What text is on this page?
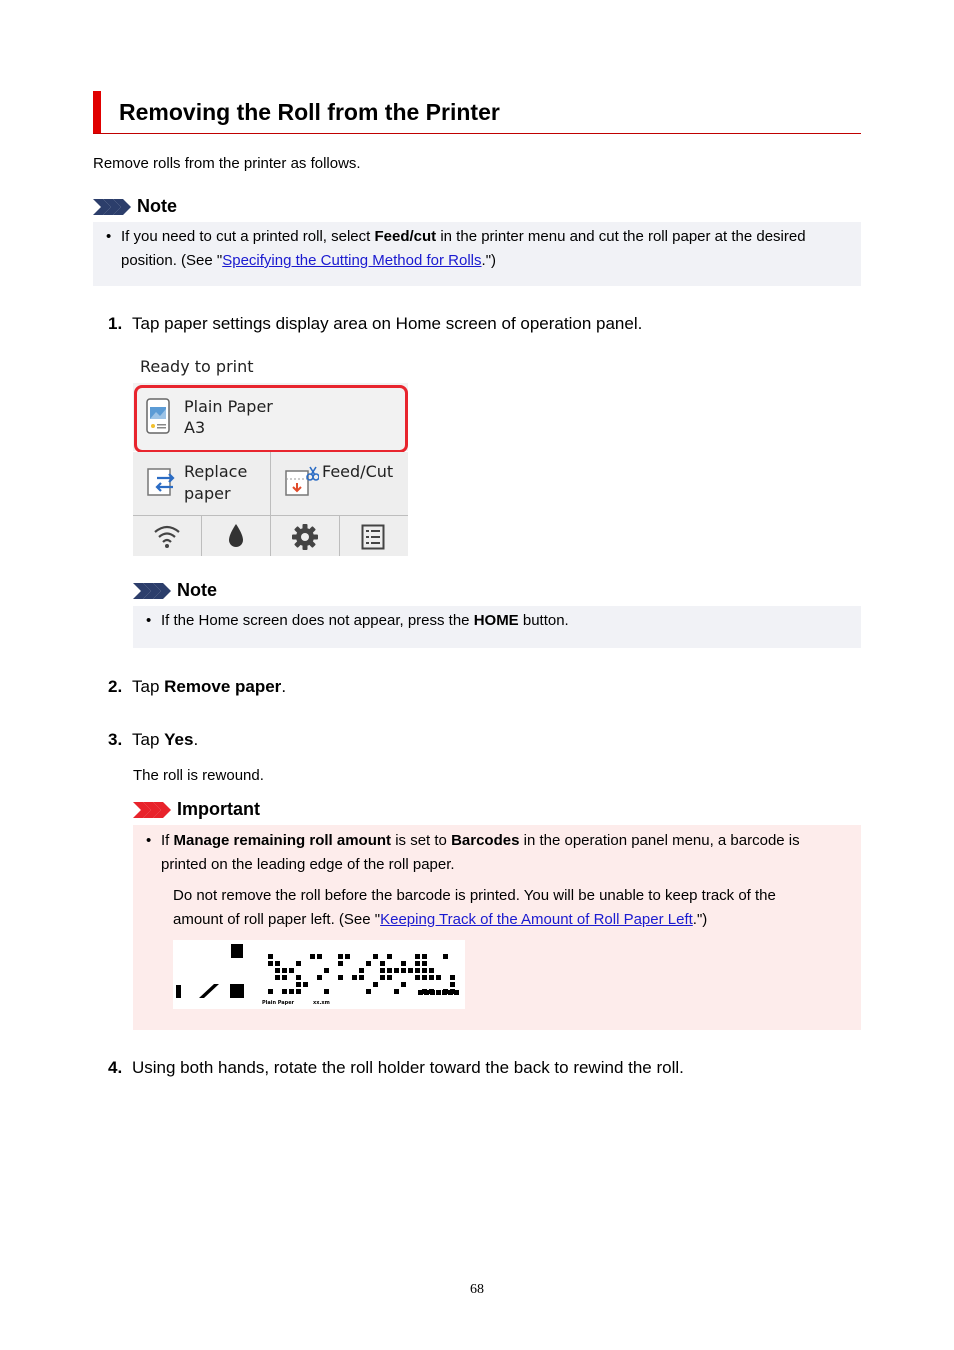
Removing the Roll from the Printer
Remove rolls from the printer as follows.
Note
• If you need to cut a printed roll, select Feed/cut in the printer menu and cut the roll paper at the desired position. (See "Specifying the Cutting Method for Rolls.")
1. Tap paper settings display area on Home screen of operation panel.
Ready to print
Plain Paper
A3
Replace
paper
Feed/Cut
Note
• If the Home screen does not appear, press the HOME button.
2. Tap Remove paper.
3. Tap Yes.
The roll is rewound.
Important
• If Manage remaining roll amount is set to Barcodes in the operation panel menu, a barcode is printed on the leading edge of the roll paper.
Do not remove the roll before the barcode is printed. You will be unable to keep track of the amount of roll paper left. (See "Keeping Track of the Amount of Roll Paper Left.")
Plain Paper	xx.xm
4. Using both hands, rotate the roll holder toward the back to rewind the roll.
68
